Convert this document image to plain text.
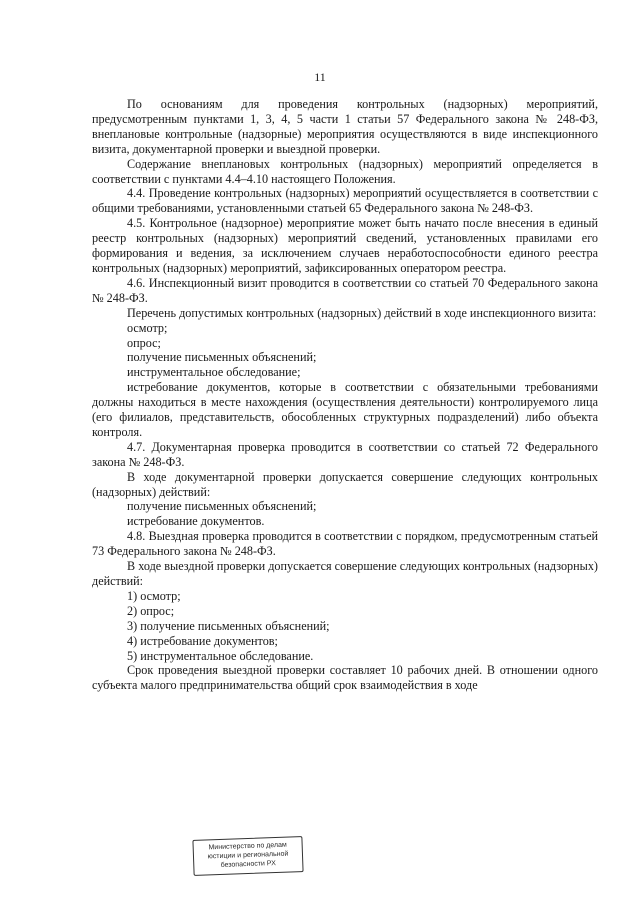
11

По основаниям для проведения контрольных (надзорных) мероприятий, предусмотренным пунктами 1, 3, 4, 5 части 1 статьи 57 Федерального закона № 248-ФЗ, внеплановые контрольные (надзорные) мероприятия осуществляются в виде инспекционного визита, документарной проверки и выездной проверки.

Содержание внеплановых контрольных (надзорных) мероприятий определяется в соответствии с пунктами 4.4–4.10 настоящего Положения.

4.4. Проведение контрольных (надзорных) мероприятий осуществляется в соответствии с общими требованиями, установленными статьей 65 Федерального закона № 248-ФЗ.

4.5. Контрольное (надзорное) мероприятие может быть начато после внесения в единый реестр контрольных (надзорных) мероприятий сведений, установленных правилами его формирования и ведения, за исключением случаев неработоспособности единого реестра контрольных (надзорных) мероприятий, зафиксированных оператором реестра.

4.6. Инспекционный визит проводится в соответствии со статьей 70 Федерального закона № 248-ФЗ.

Перечень допустимых контрольных (надзорных) действий в ходе инспекционного визита:

осмотр;

опрос;

получение письменных объяснений;

инструментальное обследование;

истребование документов, которые в соответствии с обязательными требованиями должны находиться в месте нахождения (осуществления деятельности) контролируемого лица (его филиалов, представительств, обособленных структурных подразделений) либо объекта контроля.

4.7. Документарная проверка проводится в соответствии со статьей 72 Федерального закона № 248-ФЗ.

В ходе документарной проверки допускается совершение следующих контрольных (надзорных) действий:

получение письменных объяснений;

истребование документов.

4.8. Выездная проверка проводится в соответствии с порядком, предусмотренным статьей 73 Федерального закона № 248-ФЗ.

В ходе выездной проверки допускается совершение следующих контрольных (надзорных) действий:

1) осмотр;

2) опрос;

3) получение письменных объяснений;

4) истребование документов;

5) инструментальное обследование.

Срок проведения выездной проверки составляет 10 рабочих дней. В отношении одного субъекта малого предпринимательства общий срок взаимодействия в ходе

Министерство по делам
юстиции и региональной
безопасности РХ
